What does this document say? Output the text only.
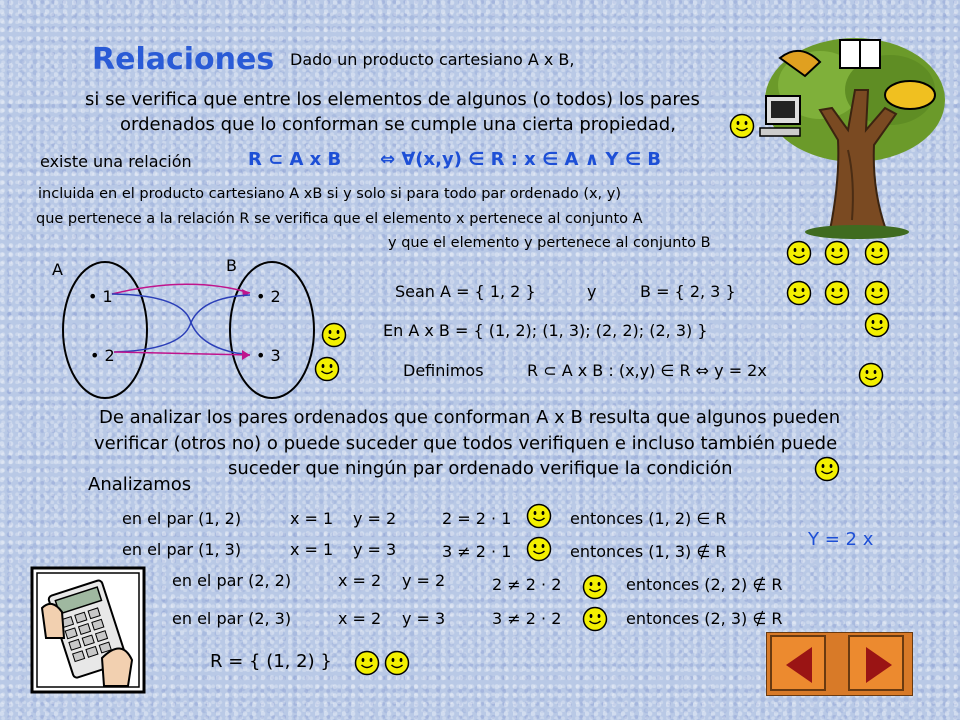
Relaciones Dado un producto cartesiano A x B,
si se verifica que entre los elementos de algunos (o todos) los pares
ordenados que lo conforman se cumple una cierta propiedad,
existe una relación	R ⊂ A x B ⇔ ∀(x,y) ∈ R : x ∈ A ∧ Y ∈ B
incluida en el producto cartesiano A xB si y solo si para todo par ordenado (x, y)
que pertenece a la relación R se verifica que el elemento x pertenece al conjunto A
y que el elemento y pertenece al conjunto B
A	B
• 1
• 2
• 2
• 3
Sean A = { 1, 2 }	y	B = { 2, 3 }
En A x B = { (1, 2); (1, 3); (2, 2); (2, 3) }
Definimos	R ⊂ A x B : (x,y) ∈ R ⇔ y = 2x
De analizar los pares ordenados que conforman A x B resulta que algunos pueden
verificar (otros no) o puede suceder que todos verifiquen e incluso también puede
suceder que ningún par ordenado verifique la condición
Analizamos
Y = 2 x
en el par (1, 2)	x = 1 y = 2	2 = 2 · 1	entonces (1, 2) ∈ R
en el par (1, 3)	x = 1 y = 3	3 ≠ 2 · 1	entonces (1, 3) ∉ R
en el par (2, 2)	x = 2 y = 2	2 ≠ 2 · 2	entonces (2, 2) ∉ R
en el par (2, 3)	x = 2 y = 3	3 ≠ 2 · 2	entonces (2, 3) ∉ R
R = { (1, 2) }
